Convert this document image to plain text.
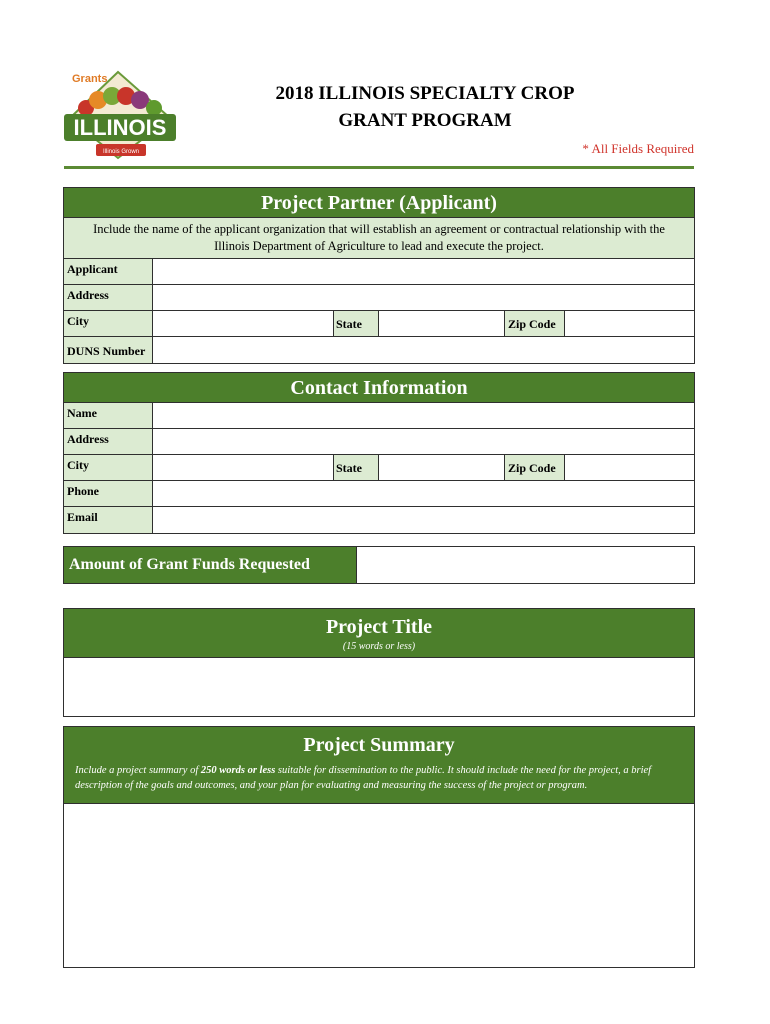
ILLINOIS
Grants
Illinois Grown
2018 ILLINOIS SPECIALTY CROP
GRANT PROGRAM
* All Fields Required
Project Partner (Applicant)
Include the name of the applicant organization that will establish an agreement or contractual relationship with the Illinois Department of Agriculture to lead and execute the project.
Applicant
Address
City	State	Zip Code
DUNS Number
Contact Information
Name
Address
City	State	Zip Code
Phone
Email
Amount of Grant Funds Requested
Project Title
(15 words or less)
Project Summary
Include a project summary of 250 words or less suitable for dissemination to the public. It should include the need for the project, a brief description of the goals and outcomes, and your plan for evaluating and measuring the success of the project or program.
